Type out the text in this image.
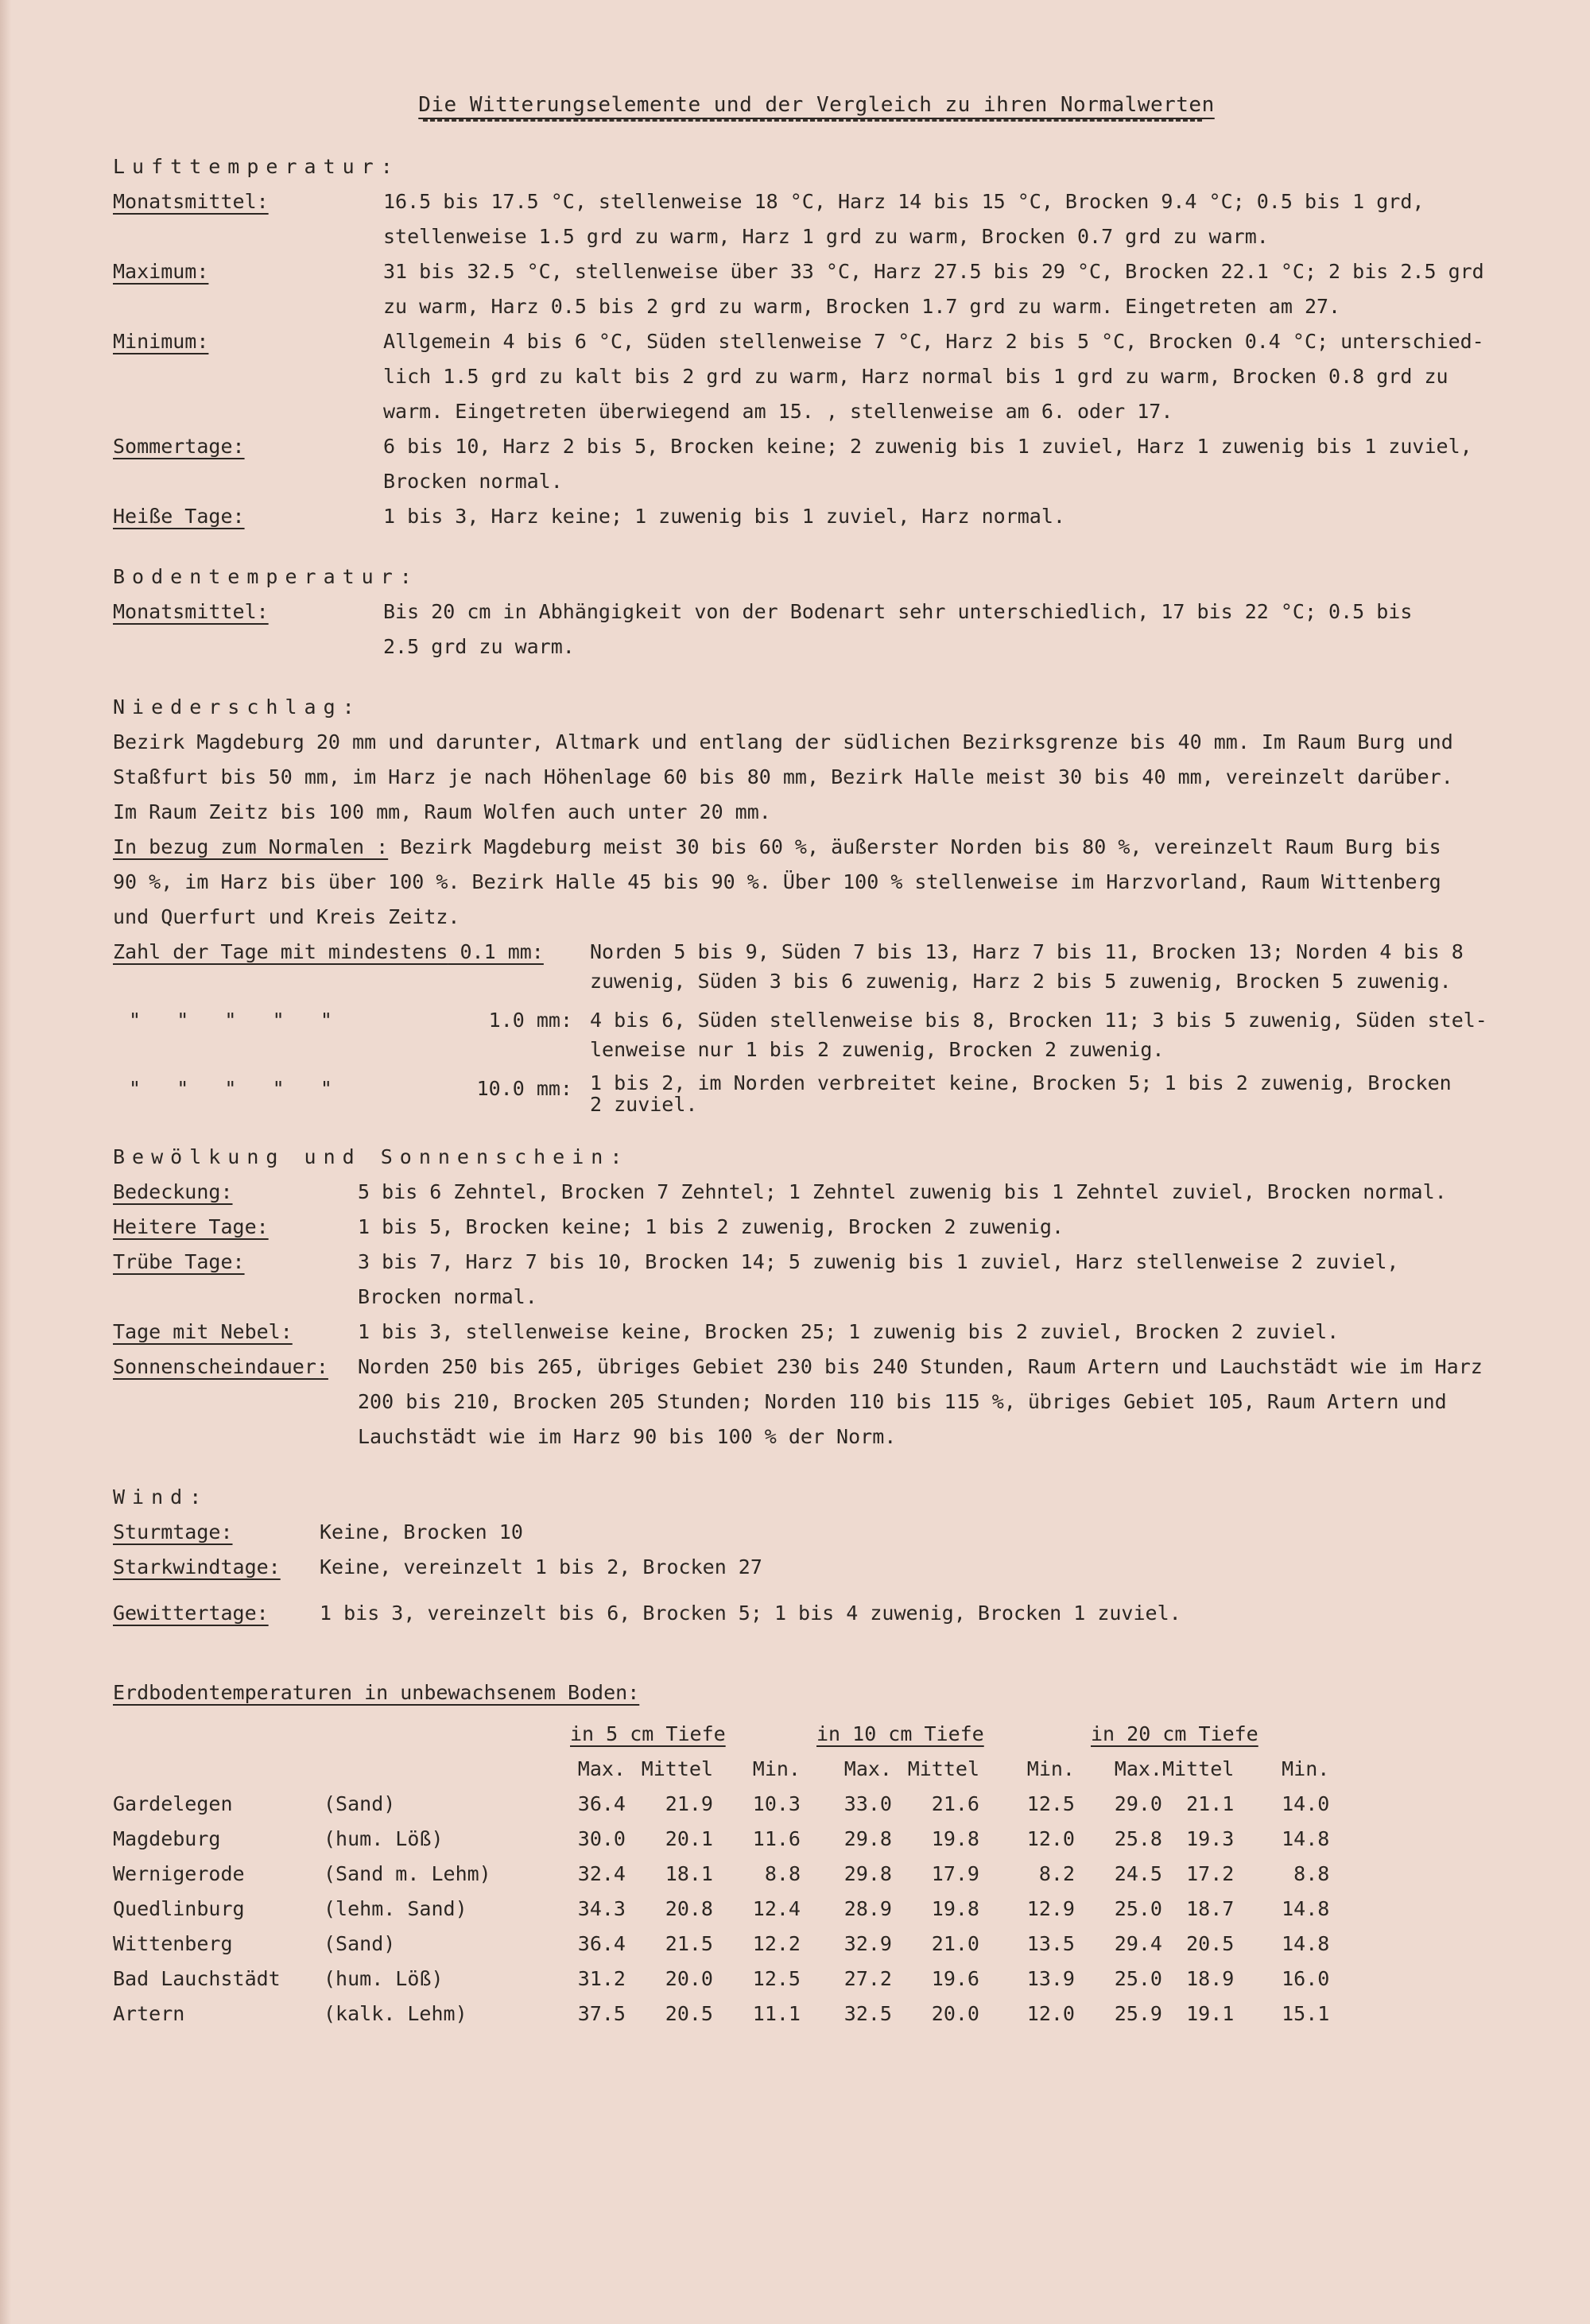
Die Witterungselemente und der Vergleich zu ihren Normalwerten
Lufttemperatur:
Monatsmittel:	16.5 bis 17.5 °C, stellenweise 18 °C, Harz 14 bis 15 °C, Brocken 9.4 °C; 0.5 bis 1 grd,
stellenweise 1.5 grd zu warm, Harz 1 grd zu warm, Brocken 0.7 grd zu warm.
Maximum:	31 bis 32.5 °C, stellenweise über 33 °C, Harz 27.5 bis 29 °C, Brocken 22.1 °C; 2 bis 2.5 grd
zu warm, Harz 0.5 bis 2 grd zu warm, Brocken 1.7 grd zu warm. Eingetreten am 27.
Minimum:	Allgemein 4 bis 6 °C, Süden stellenweise 7 °C, Harz 2 bis 5 °C, Brocken 0.4 °C; unterschied-
lich 1.5 grd zu kalt bis 2 grd zu warm, Harz normal bis 1 grd zu warm, Brocken 0.8 grd zu
warm. Eingetreten überwiegend am 15. , stellenweise am 6. oder 17.
Sommertage:	6 bis 10, Harz 2 bis 5, Brocken keine; 2 zuwenig bis 1 zuviel, Harz 1 zuwenig bis 1 zuviel,
Brocken normal.
Heiße Tage:	1 bis 3, Harz keine; 1 zuwenig bis 1 zuviel, Harz normal.
Bodentemperatur:
Monatsmittel:	Bis 20 cm in Abhängigkeit von der Bodenart sehr unterschiedlich, 17 bis 22 °C; 0.5 bis
2.5 grd zu warm.
Niederschlag:
Bezirk Magdeburg 20 mm und darunter, Altmark und entlang der südlichen Bezirksgrenze bis 40 mm. Im Raum Burg und
Staßfurt bis 50 mm, im Harz je nach Höhenlage 60 bis 80 mm, Bezirk Halle meist 30 bis 40 mm, vereinzelt darüber.
Im Raum Zeitz bis 100 mm, Raum Wolfen auch unter 20 mm.
In bezug zum Normalen : Bezirk Magdeburg meist 30 bis 60 %, äußerster Norden bis 80 %, vereinzelt Raum Burg bis
90 %, im Harz bis über 100 %. Bezirk Halle 45 bis 90 %. Über 100 % stellenweise im Harzvorland, Raum Wittenberg
und Querfurt und Kreis Zeitz.
Zahl der Tage mit mindestens 0.1 mm:	Norden 5 bis 9, Süden 7 bis 13, Harz 7 bis 11, Brocken 13; Norden 4 bis 8
zuwenig, Süden 3 bis 6 zuwenig, Harz 2 bis 5 zuwenig, Brocken 5 zuwenig.
"   "   "   "   "	1.0 mm: 4 bis 6, Süden stellenweise bis 8, Brocken 11; 3 bis 5 zuwenig, Süden stel-
lenweise nur 1 bis 2 zuwenig, Brocken 2 zuwenig.
"   "   "   "   "	10.0 mm: 1 bis 2, im Norden verbreitet keine, Brocken 5; 1 bis 2 zuwenig, Brocken
2 zuviel.
Bewölkung und Sonnenschein:
Bedeckung:	5 bis 6 Zehntel, Brocken 7 Zehntel; 1 Zehntel zuwenig bis 1 Zehntel zuviel, Brocken normal.
Heitere Tage:	1 bis 5, Brocken keine; 1 bis 2 zuwenig, Brocken 2 zuwenig.
Trübe Tage:	3 bis 7, Harz 7 bis 10, Brocken 14; 5 zuwenig bis 1 zuviel, Harz stellenweise 2 zuviel,
Brocken normal.
Tage mit Nebel:	1 bis 3, stellenweise keine, Brocken 25; 1 zuwenig bis 2 zuviel, Brocken 2 zuviel.
Sonnenscheindauer:	Norden 250 bis 265, übriges Gebiet 230 bis 240 Stunden, Raum Artern und Lauchstädt wie im Harz
200 bis 210, Brocken 205 Stunden; Norden 110 bis 115 %, übriges Gebiet 105, Raum Artern und
Lauchstädt wie im Harz 90 bis 100 % der Norm.
Wind:
Sturmtage:	Keine, Brocken 10
Starkwindtage:	Keine, vereinzelt 1 bis 2, Brocken 27
Gewittertage:	1 bis 3, vereinzelt bis 6, Brocken 5; 1 bis 4 zuwenig, Brocken 1 zuviel.
Erdbodentemperaturen in unbewachsenem Boden:
		in 5 cm Tiefe			in 10 cm Tiefe			in 20 cm Tiefe		
		Max.	Mittel	Min.	Max.	Mittel	Min.	Max.	Mittel	Min.
Gardelegen	(Sand)	36.4	21.9	10.3	33.0	21.6	12.5	29.0	21.1	14.0
Magdeburg	(hum. Löß)	30.0	20.1	11.6	29.8	19.8	12.0	25.8	19.3	14.8
Wernigerode	(Sand m. Lehm)	32.4	18.1	8.8	29.8	17.9	8.2	24.5	17.2	8.8
Quedlinburg	(lehm. Sand)	34.3	20.8	12.4	28.9	19.8	12.9	25.0	18.7	14.8
Wittenberg	(Sand)	36.4	21.5	12.2	32.9	21.0	13.5	29.4	20.5	14.8
Bad Lauchstädt	(hum. Löß)	31.2	20.0	12.5	27.2	19.6	13.9	25.0	18.9	16.0
Artern	(kalk. Lehm)	37.5	20.5	11.1	32.5	20.0	12.0	25.9	19.1	15.1
